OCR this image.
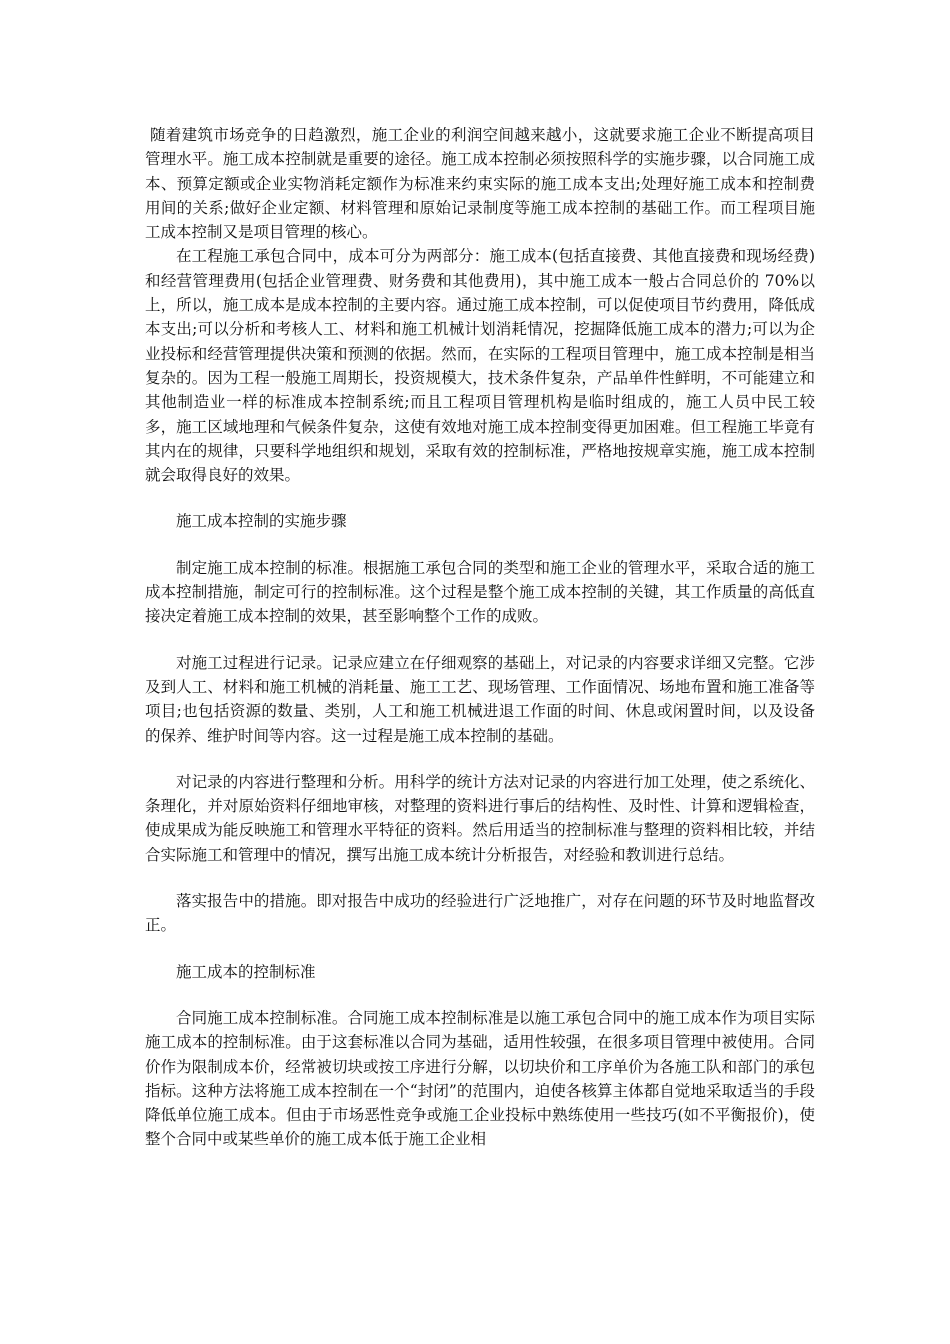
随着建筑市场竞争的日趋激烈，施工企业的利润空间越来越小，这就要求施工企业不断提高项目管理水平。施工成本控制就是重要的途径。施工成本控制必须按照科学的实施步骤，以合同施工成本、预算定额或企业实物消耗定额作为标准来约束实际的施工成本支出;处理好施工成本和控制费用间的关系;做好企业定额、材料管理和原始记录制度等施工成本控制的基础工作。而工程项目施工成本控制又是项目管理的核心。

在工程施工承包合同中，成本可分为两部分：施工成本(包括直接费、其他直接费和现场经费)和经营管理费用(包括企业管理费、财务费和其他费用)，其中施工成本一般占合同总价的 70%以上，所以，施工成本是成本控制的主要内容。通过施工成本控制，可以促使项目节约费用，降低成本支出;可以分析和考核人工、材料和施工机械计划消耗情况，挖掘降低施工成本的潜力;可以为企业投标和经营管理提供决策和预测的依据。然而，在实际的工程项目管理中，施工成本控制是相当复杂的。因为工程一般施工周期长，投资规模大，技术条件复杂，产品单件性鲜明，不可能建立和其他制造业一样的标准成本控制系统;而且工程项目管理机构是临时组成的，施工人员中民工较多，施工区域地理和气候条件复杂，这使有效地对施工成本控制变得更加困难。但工程施工毕竟有其内在的规律，只要科学地组织和规划，采取有效的控制标准，严格地按规章实施，施工成本控制就会取得良好的效果。

施工成本控制的实施步骤

制定施工成本控制的标准。根据施工承包合同的类型和施工企业的管理水平，采取合适的施工成本控制措施，制定可行的控制标准。这个过程是整个施工成本控制的关键，其工作质量的高低直接决定着施工成本控制的效果，甚至影响整个工作的成败。

对施工过程进行记录。记录应建立在仔细观察的基础上，对记录的内容要求详细又完整。它涉及到人工、材料和施工机械的消耗量、施工工艺、现场管理、工作面情况、场地布置和施工准备等项目;也包括资源的数量、类别，人工和施工机械进退工作面的时间、休息或闲置时间，以及设备的保养、维护时间等内容。这一过程是施工成本控制的基础。

对记录的内容进行整理和分析。用科学的统计方法对记录的内容进行加工处理，使之系统化、条理化，并对原始资料仔细地审核，对整理的资料进行事后的结构性、及时性、计算和逻辑检查，使成果成为能反映施工和管理水平特征的资料。然后用适当的控制标准与整理的资料相比较，并结合实际施工和管理中的情况，撰写出施工成本统计分析报告，对经验和教训进行总结。

落实报告中的措施。即对报告中成功的经验进行广泛地推广，对存在问题的环节及时地监督改正。

施工成本的控制标准

合同施工成本控制标准。合同施工成本控制标准是以施工承包合同中的施工成本作为项目实际施工成本的控制标准。由于这套标准以合同为基础，适用性较强，在很多项目管理中被使用。合同价作为限制成本价，经常被切块或按工序进行分解，以切块价和工序单价为各施工队和部门的承包指标。这种方法将施工成本控制在一个“封闭”的范围内，迫使各核算主体都自觉地采取适当的手段降低单位施工成本。但由于市场恶性竞争或施工企业投标中熟练使用一些技巧(如不平衡报价)，使整个合同中或某些单价的施工成本低于施工企业相
